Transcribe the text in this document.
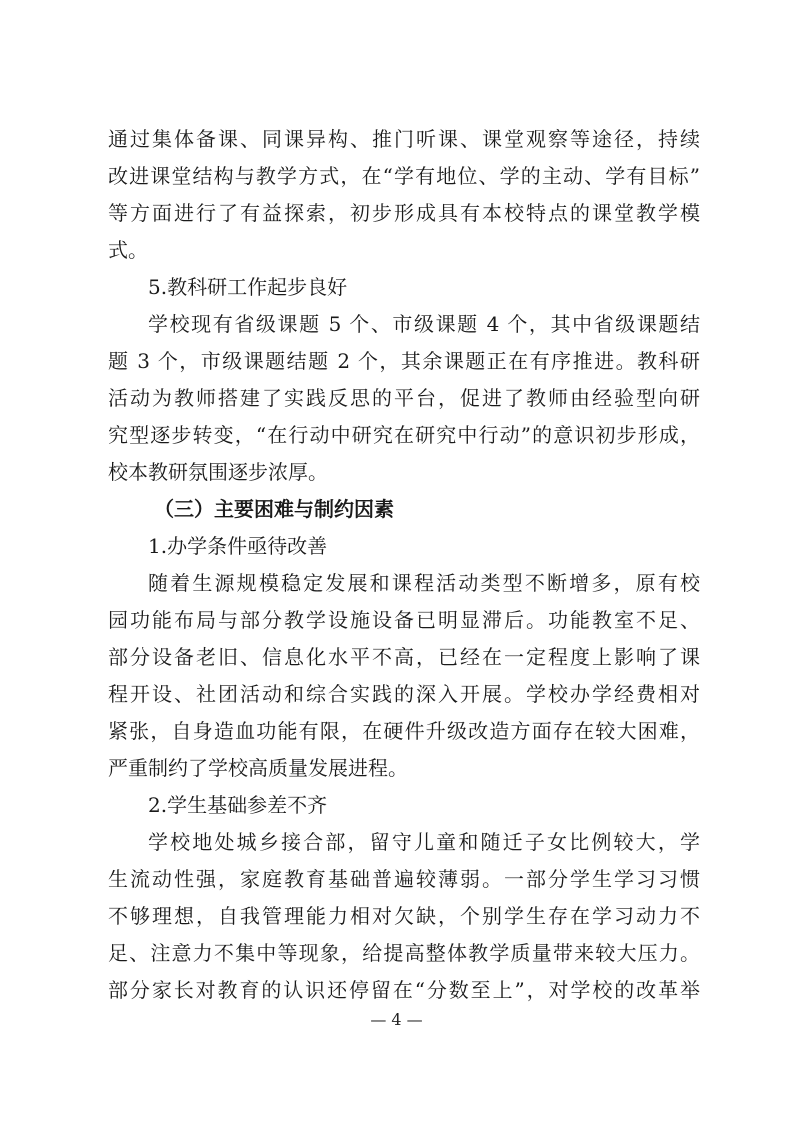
通过集体备课、同课异构、推门听课、课堂观察等途径，持续
改进课堂结构与教学方式，在“学有地位、学的主动、学有目标”
等方面进行了有益探索，初步形成具有本校特点的课堂教学模
式。
5.教科研工作起步良好
学校现有省级课题 5 个、市级课题 4 个，其中省级课题结
题 3 个，市级课题结题 2 个，其余课题正在有序推进。教科研
活动为教师搭建了实践反思的平台，促进了教师由经验型向研
究型逐步转变，“在行动中研究在研究中行动”的意识初步形成，
校本教研氛围逐步浓厚。
（三）主要困难与制约因素
1.办学条件亟待改善
随着生源规模稳定发展和课程活动类型不断增多，原有校
园功能布局与部分教学设施设备已明显滞后。功能教室不足、
部分设备老旧、信息化水平不高，已经在一定程度上影响了课
程开设、社团活动和综合实践的深入开展。学校办学经费相对
紧张，自身造血功能有限，在硬件升级改造方面存在较大困难，
严重制约了学校高质量发展进程。
2.学生基础参差不齐
学校地处城乡接合部，留守儿童和随迁子女比例较大，学
生流动性强，家庭教育基础普遍较薄弱。一部分学生学习习惯
不够理想，自我管理能力相对欠缺，个别学生存在学习动力不
足、注意力不集中等现象，给提高整体教学质量带来较大压力。
部分家长对教育的认识还停留在“分数至上”，对学校的改革举
— 4 —
